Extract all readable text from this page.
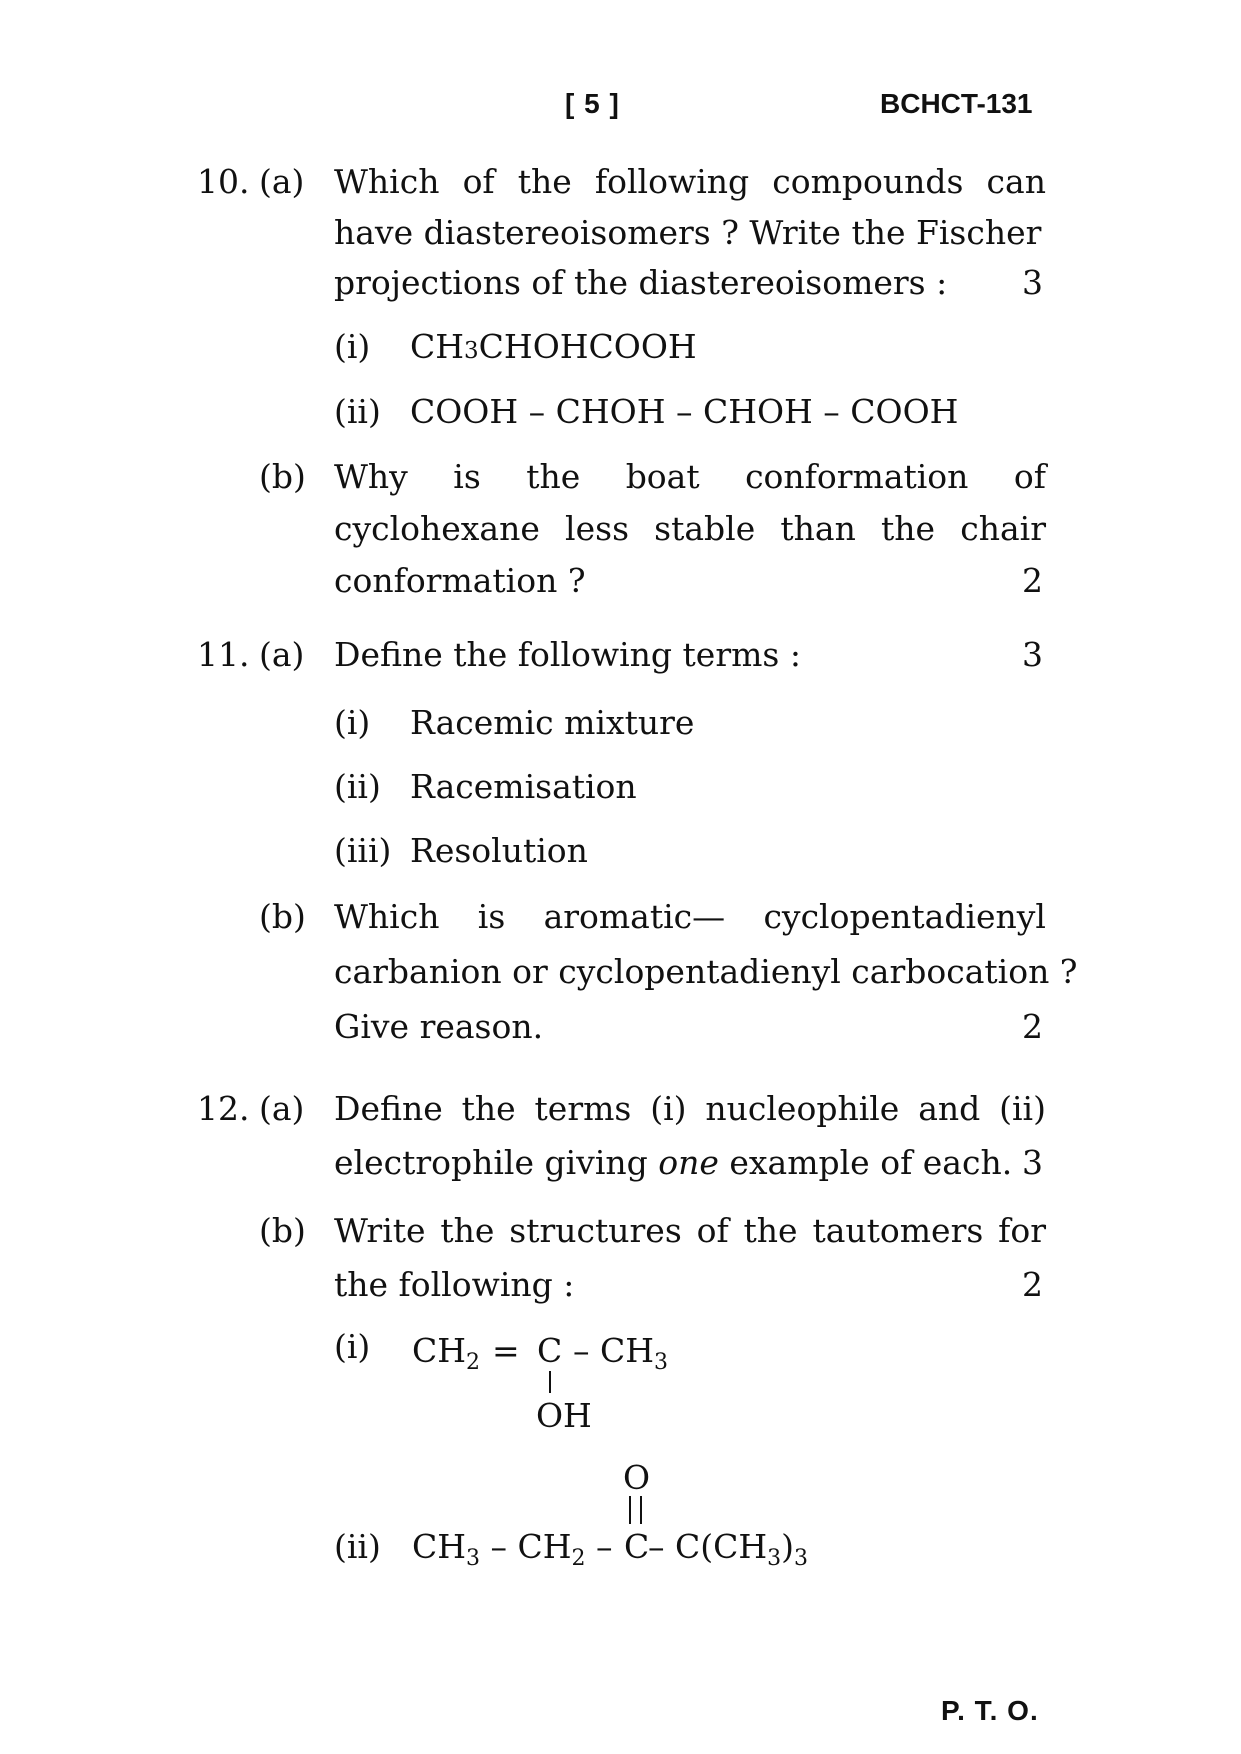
[ 5 ]	BCHCT-131
10. (a) Which of the following compounds can
have diastereoisomers ? Write the Fischer
projections of the diastereoisomers :	3
(i) CH3CHOHCOOH
(ii) COOH – CHOH – CHOH – COOH
(b) Why is the boat conformation of
cyclohexane less stable than the chair
conformation ?	2
11. (a) Define the following terms :	3
(i) Racemic mixture
(ii) Racemisation
(iii) Resolution
(b) Which is aromatic— cyclopentadienyl
carbanion or cyclopentadienyl carbocation ?
Give reason.	2
12. (a) Define the terms (i) nucleophile and (ii)
electrophile giving one example of each. 3
(b) Write the structures of the tautomers for
the following :	2
(i) $CH_2 = C - CH_3$
OH
O
(ii) $CH_3 - CH_2$ – C
– $C(CH_3)_3$
P. T. O.
